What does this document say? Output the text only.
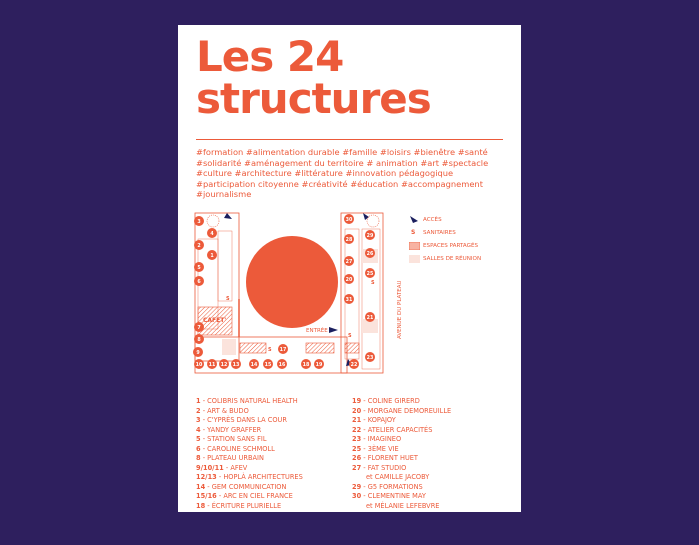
Les 24
structures
#formation #alimentation durable #famille #loisirs #bienêtre #santé #solidarité #aménagement du territoire # animation #art #spectacle #culture #architecture #littérature #innovation pédagogique #participation citoyenne #créativité #éducation #accompagnement #journalisme
CAFET'
S
S
S
S
ENTRÉE	AVENUE DU PLATEAU
3
4
2
1
5
6
7
8
9
10 11 12 13 14 15 16
17
18 19
30
29
28
26
27
25
31
23
22
20
21
ACCÈS
S SANITAIRES
ESPACES PARTAGÉS
SALLES DE RÉUNION
1 - COLIBRIS NATURAL HEALTH
2 - ART & BUDO
3 - C'YPRÈS DANS LA COUR
4 - YANDY GRAFFER
5 - STATION SANS FIL
6 - CAROLINE SCHMOLL
8 - PLATEAU URBAIN
9/10/11 - AFEV
12/13 - HOPLÀ ARCHITECTURES
14 - GEM COMMUNICATION
15/16 - ARC EN CIEL FRANCE
18 - ÉCRITURE PLURIELLE
19 - COLINE GIRERD
20 - MORGANE DEMOREUILLE
21 - KOPAJOY
22 - ATELIER CAPACITÉS
23 - IMAGINEO
25 - 3ÈME VIE
26 - FLORENT HUET
27 - FAT STUDIO
et CAMILLE JACOBY
29 - G5 FORMATIONS
30 - CLEMENTINE MAY
et MÉLANIE LEFEBVRE
